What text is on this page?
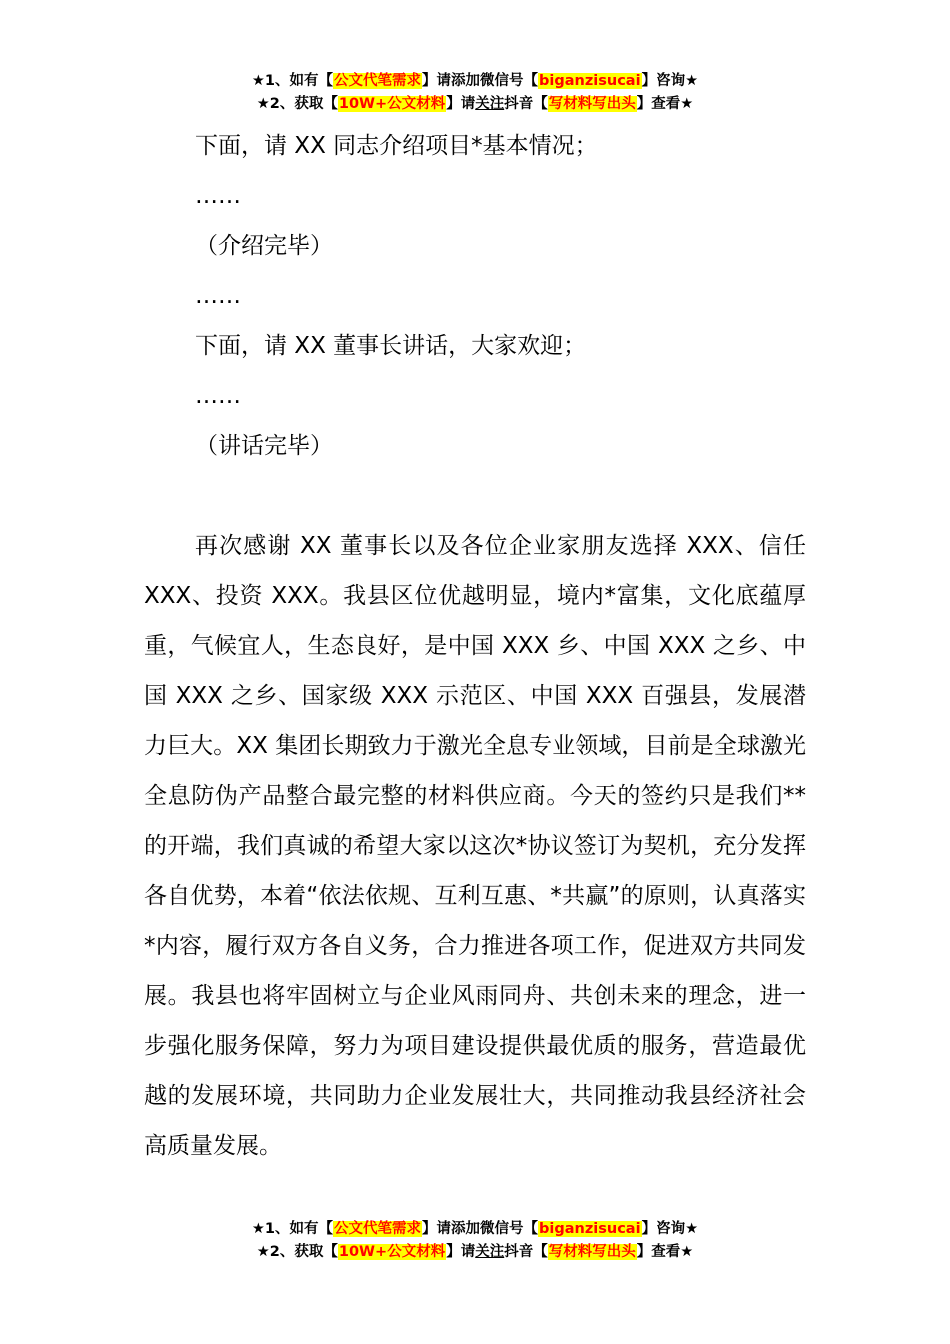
★1、如有【公文代笔需求】请添加微信号【biganzisucai】咨询★
★2、获取【10W+公文材料】请关注抖音【写材料写出头】查看★

下面，请 XX 同志介绍项目*基本情况；

……

（介绍完毕）

……

下面，请 XX 董事长讲话，大家欢迎；

……

（讲话完毕）

再次感谢 XX 董事长以及各位企业家朋友选择 XXX、信任 XXX、投资 XXX。我县区位优越明显，境内*富集，文化底蕴厚重，气候宜人，生态良好，是中国 XXX 乡、中国 XXX 之乡、中国 XXX 之乡、国家级 XXX 示范区、中国 XXX 百强县，发展潜力巨大。XX 集团长期致力于激光全息专业领域，目前是全球激光全息防伪产品整合最完整的材料供应商。今天的签约只是我们**的开端，我们真诚的希望大家以这次*协议签订为契机，充分发挥各自优势，本着“依法依规、互利互惠、*共赢”的原则，认真落实*内容，履行双方各自义务，合力推进各项工作，促进双方共同发展。我县也将牢固树立与企业风雨同舟、共创未来的理念，进一步强化服务保障，努力为项目建设提供最优质的服务，营造最优越的发展环境，共同助力企业发展壮大，共同推动我县经济社会高质量发展。

★1、如有【公文代笔需求】请添加微信号【biganzisucai】咨询★
★2、获取【10W+公文材料】请关注抖音【写材料写出头】查看★
